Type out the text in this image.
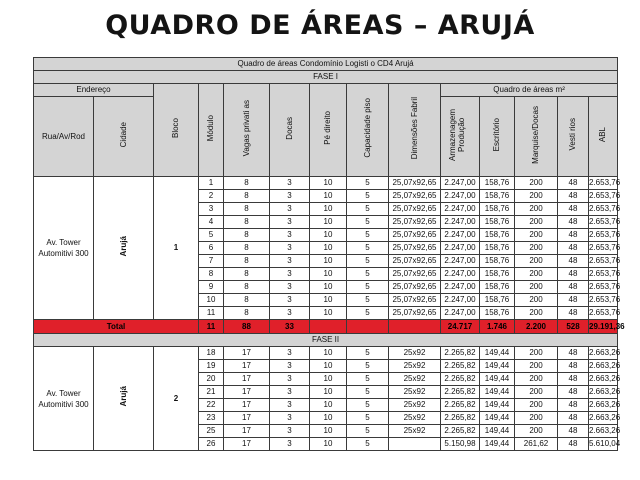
QUADRO DE ÁREAS – ARUJÁ
Quadro de áreas Condomínio Logisti o CD4 Arujá													
FASE I													
Endereço		Bloco	Módulo	Vagas privati as	Docas	Pé direito	Capacidade piso	Dimensões Fabril	Quadro de áreas m²				
Rua/Av/Rod	Cidade								Armazenagem Produção	Escritório	Marquise/Docas	Vesti rios	ABL
Av. Tower Automitivi 300	Arujá	1	1	8	3	10	5	25,07x92,65	2.247,00	158,76	200	48	2.653,76
			2	8	3	10	5	25,07x92,65	2.247,00	158,76	200	48	2.653,76
			3	8	3	10	5	25,07x92,65	2.247,00	158,76	200	48	2.653,76
			4	8	3	10	5	25,07x92,65	2.247,00	158,76	200	48	2.653,76
			5	8	3	10	5	25,07x92,65	2.247,00	158,76	200	48	2.653,76
			6	8	3	10	5	25,07x92,65	2.247,00	158,76	200	48	2.653,76
			7	8	3	10	5	25,07x92,65	2.247,00	158,76	200	48	2.653,76
			8	8	3	10	5	25,07x92,65	2.247,00	158,76	200	48	2.653,76
			9	8	3	10	5	25,07x92,65	2.247,00	158,76	200	48	2.653,76
			10	8	3	10	5	25,07x92,65	2.247,00	158,76	200	48	2.653,76
			11	8	3	10	5	25,07x92,65	2.247,00	158,76	200	48	2.653,76
Total			11	88	33				24.717	1.746	2.200	528	29.191,36
FASE II													
Av. Tower Automitivi 300	Arujá	2	18	17	3	10	5	25x92	2.265,82	149,44	200	48	2.663,26
			19	17	3	10	5	25x92	2.265,82	149,44	200	48	2.663,26
			20	17	3	10	5	25x92	2.265,82	149,44	200	48	2.663,26
			21	17	3	10	5	25x92	2.265,82	149,44	200	48	2.663,26
			22	17	3	10	5	25x92	2.265,82	149,44	200	48	2.663,26
			23	17	3	10	5	25x92	2.265,82	149,44	200	48	2.663,26
			25	17	3	10	5	25x92	2.265,82	149,44	200	48	2.663,26
			26	17	3	10	5		5.150,98	149,44	261,62	48	5.610,04
